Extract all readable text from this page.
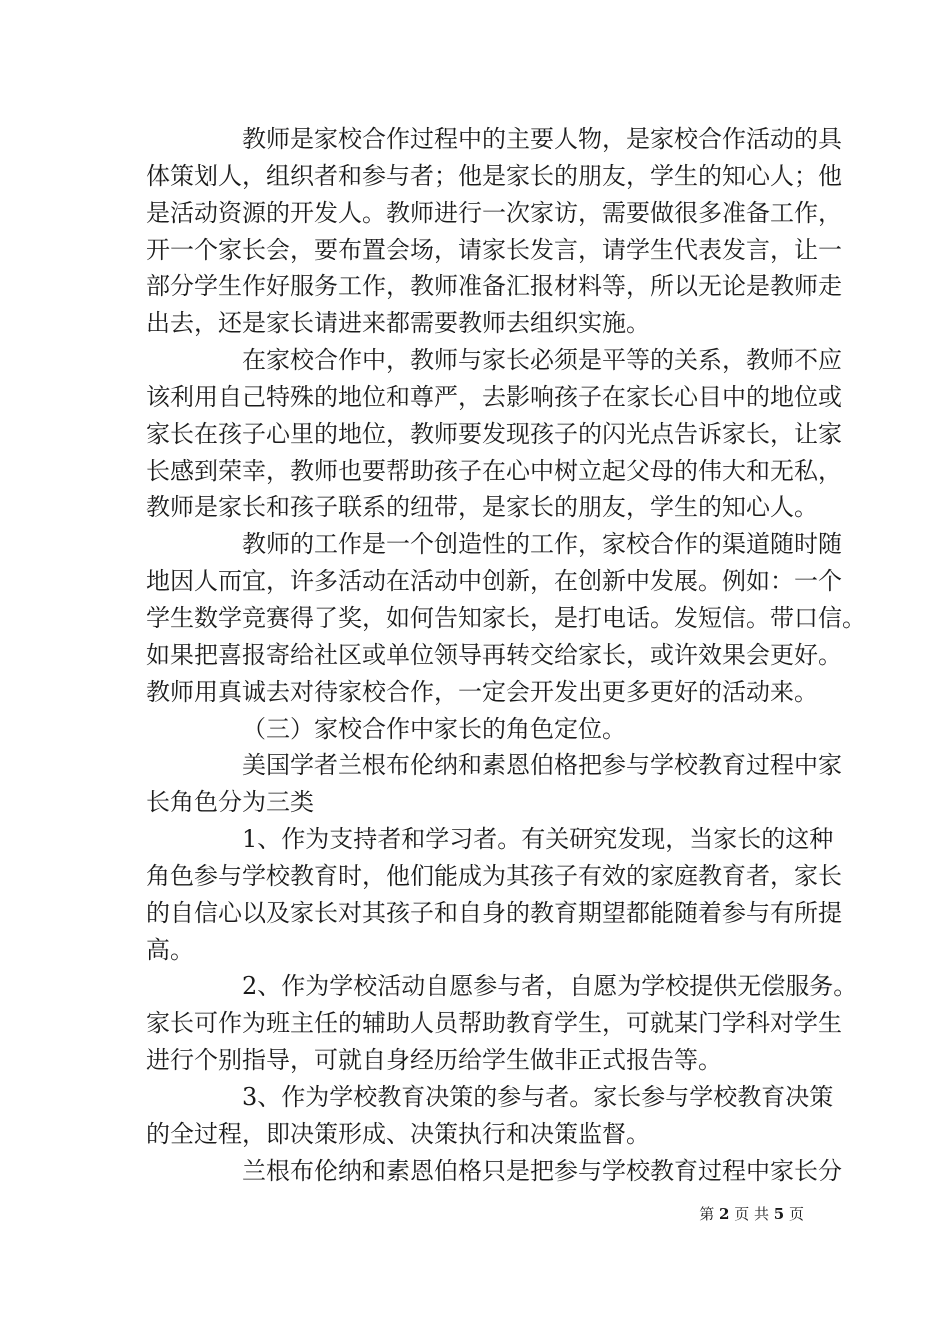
教师是家校合作过程中的主要人物，是家校合作活动的具
体策划人，组织者和参与者；他是家长的朋友，学生的知心人；他
是活动资源的开发人。教师进行一次家访，需要做很多准备工作，
开一个家长会，要布置会场，请家长发言，请学生代表发言，让一
部分学生作好服务工作，教师准备汇报材料等，所以无论是教师走
出去，还是家长请进来都需要教师去组织实施。
在家校合作中，教师与家长必须是平等的关系，教师不应
该利用自己特殊的地位和尊严，去影响孩子在家长心目中的地位或
家长在孩子心里的地位，教师要发现孩子的闪光点告诉家长，让家
长感到荣幸，教师也要帮助孩子在心中树立起父母的伟大和无私，
教师是家长和孩子联系的纽带，是家长的朋友，学生的知心人。
教师的工作是一个创造性的工作，家校合作的渠道随时随
地因人而宜，许多活动在活动中创新，在创新中发展。例如：一个
学生数学竞赛得了奖，如何告知家长，是打电话。发短信。带口信。
如果把喜报寄给社区或单位领导再转交给家长，或许效果会更好。
教师用真诚去对待家校合作，一定会开发出更多更好的活动来。
（三）家校合作中家长的角色定位。
美国学者兰根布伦纳和素恩伯格把参与学校教育过程中家
长角色分为三类
1、作为支持者和学习者。有关研究发现，当家长的这种
角色参与学校教育时，他们能成为其孩子有效的家庭教育者，家长
的自信心以及家长对其孩子和自身的教育期望都能随着参与有所提
高。
2、作为学校活动自愿参与者，自愿为学校提供无偿服务。
家长可作为班主任的辅助人员帮助教育学生，可就某门学科对学生
进行个别指导，可就自身经历给学生做非正式报告等。
3、作为学校教育决策的参与者。家长参与学校教育决策
的全过程，即决策形成、决策执行和决策监督。
兰根布伦纳和素恩伯格只是把参与学校教育过程中家长分
第 2 页 共 5 页
